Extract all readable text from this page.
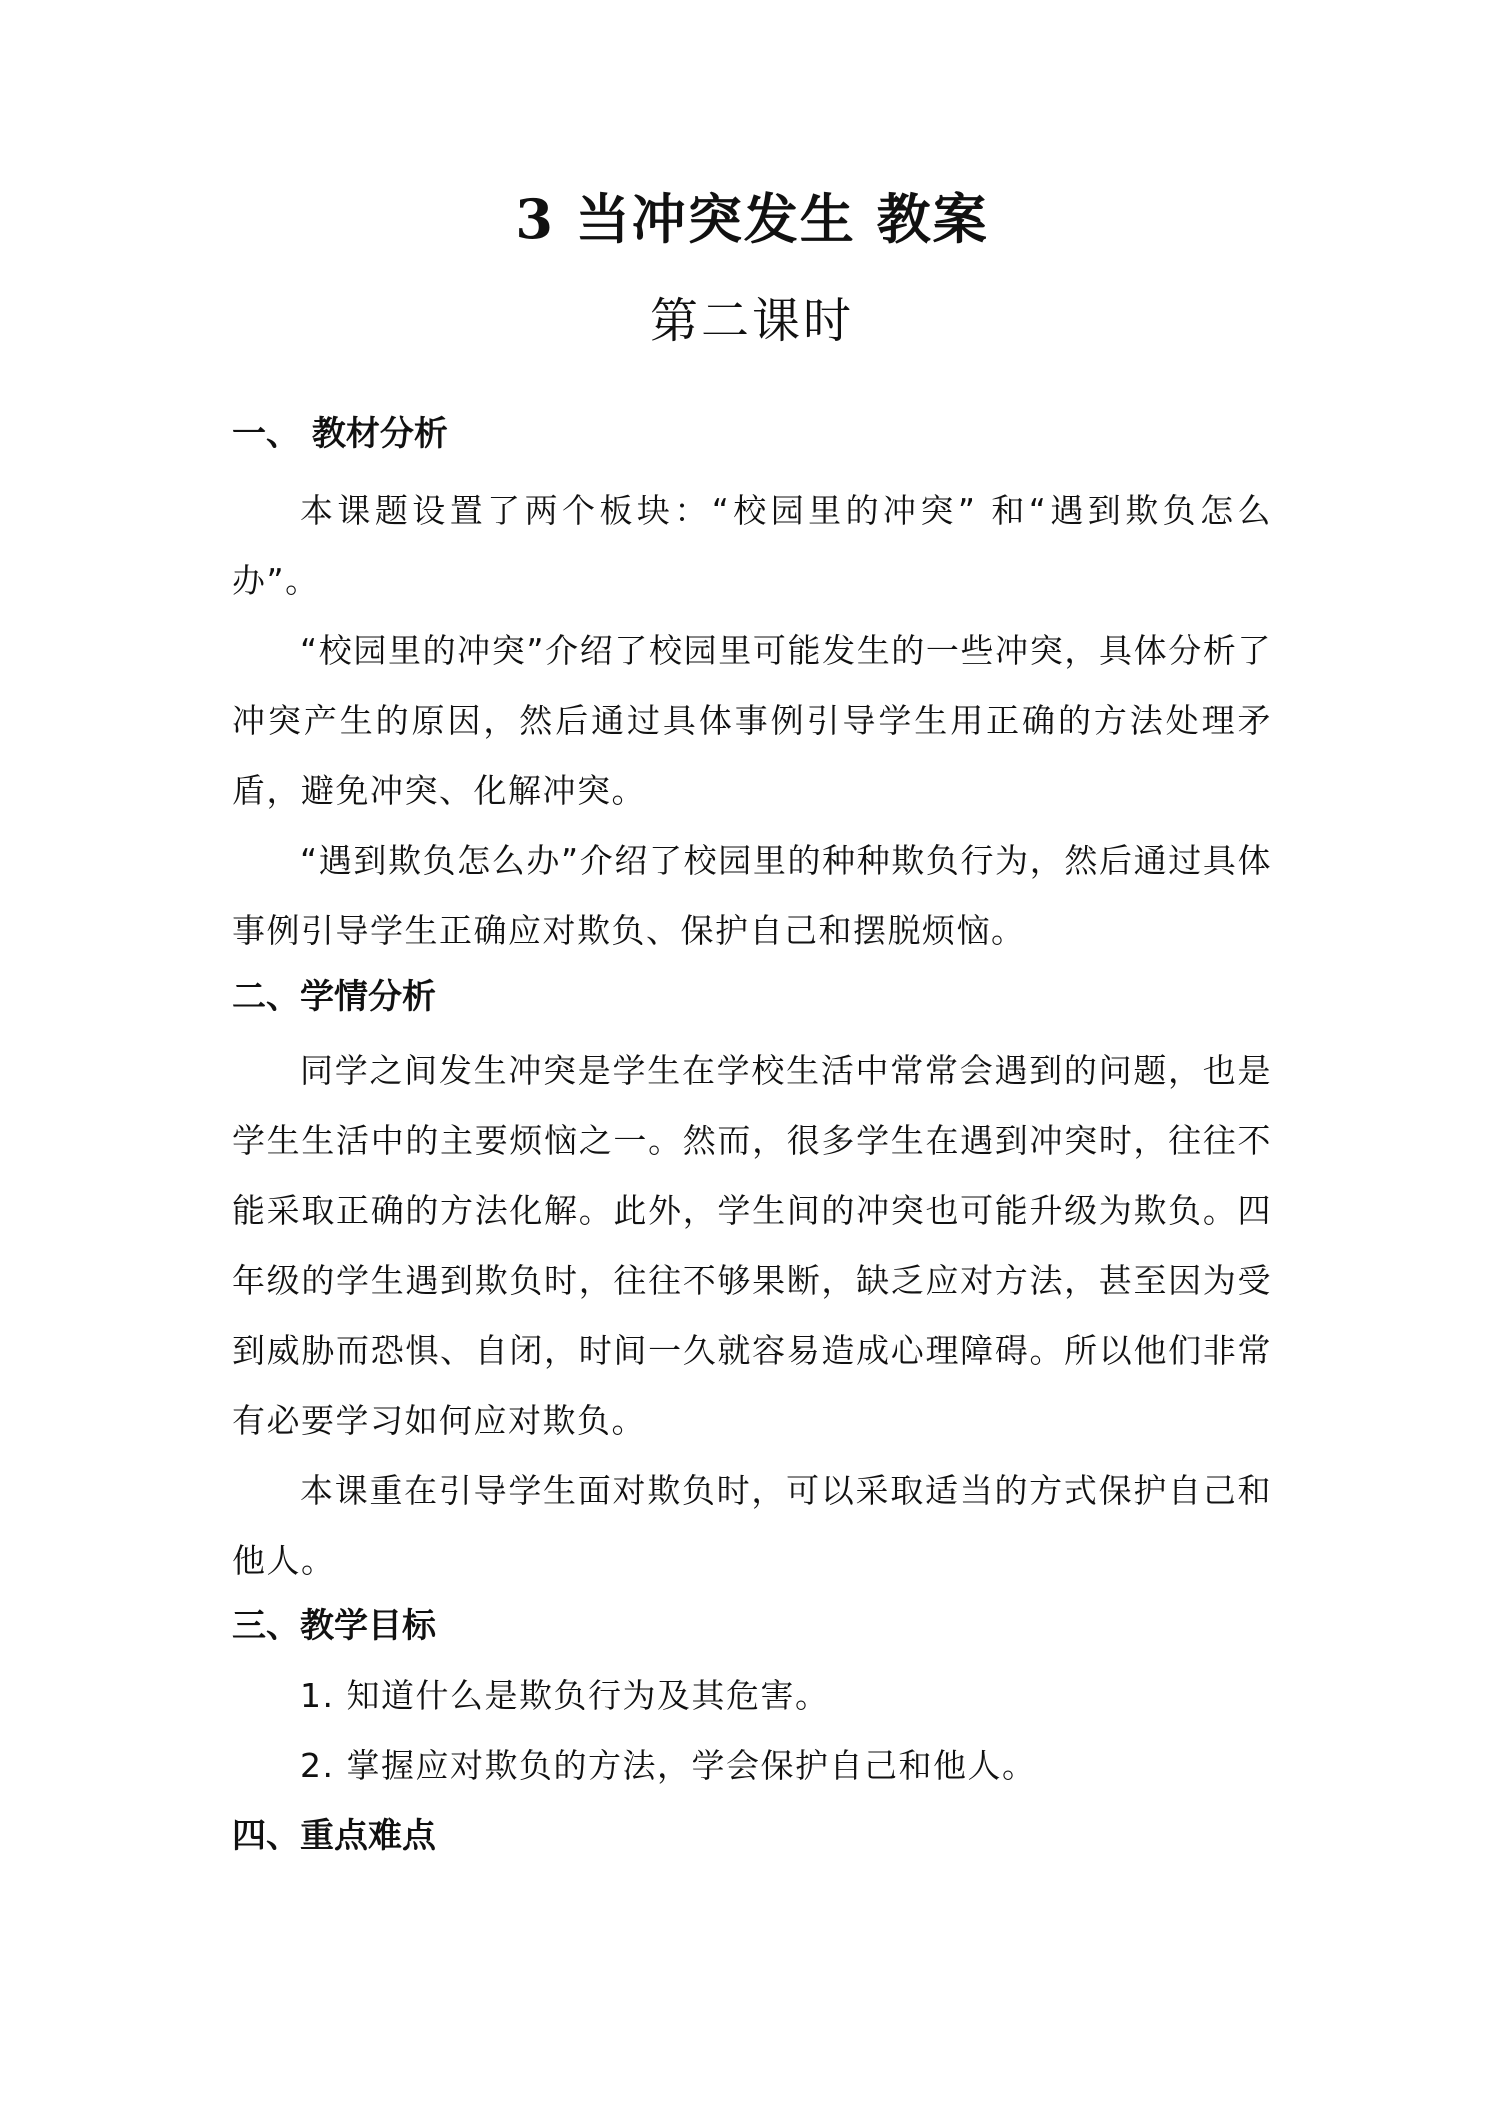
3 当冲突发生 教案
第二课时
一、 教材分析

本课题设置了两个板块：“校园里的冲突” 和“遇到欺负怎么办”。

“校园里的冲突”介绍了校园里可能发生的一些冲突，具体分析了冲突产生的原因，然后通过具体事例引导学生用正确的方法处理矛盾，避免冲突、化解冲突。

“遇到欺负怎么办”介绍了校园里的种种欺负行为，然后通过具体事例引导学生正确应对欺负、保护自己和摆脱烦恼。

二、学情分析

同学之间发生冲突是学生在学校生活中常常会遇到的问题，也是学生生活中的主要烦恼之一。然而，很多学生在遇到冲突时，往往不能采取正确的方法化解。此外，学生间的冲突也可能升级为欺负。四年级的学生遇到欺负时，往往不够果断，缺乏应对方法，甚至因为受到威胁而恐惧、自闭，时间一久就容易造成心理障碍。所以他们非常有必要学习如何应对欺负。

本课重在引导学生面对欺负时，可以采取适当的方式保护自己和他人。

三、教学目标
1. 知道什么是欺负行为及其危害。
2. 掌握应对欺负的方法，学会保护自己和他人。
四、重点难点
